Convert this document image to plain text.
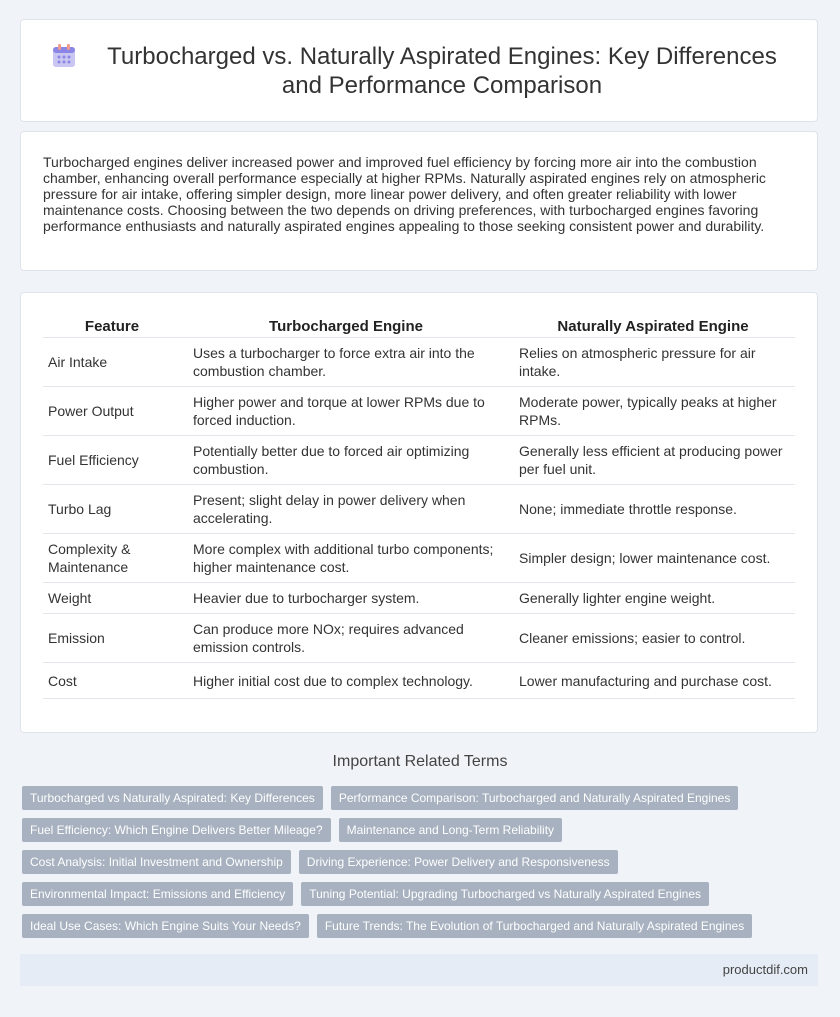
Turbocharged vs. Naturally Aspirated Engines: Key Differences and Performance Comparison

Turbocharged engines deliver increased power and improved fuel efficiency by forcing more air into the combustion chamber, enhancing overall performance especially at higher RPMs. Naturally aspirated engines rely on atmospheric pressure for air intake, offering simpler design, more linear power delivery, and often greater reliability with lower maintenance costs. Choosing between the two depends on driving preferences, with turbocharged engines favoring performance enthusiasts and naturally aspirated engines appealing to those seeking consistent power and durability.

Feature	Turbocharged Engine	Naturally Aspirated Engine
Air Intake	Uses a turbocharger to force extra air into the combustion chamber.	Relies on atmospheric pressure for air intake.
Power Output	Higher power and torque at lower RPMs due to forced induction.	Moderate power, typically peaks at higher RPMs.
Fuel Efficiency	Potentially better due to forced air optimizing combustion.	Generally less efficient at producing power per fuel unit.
Turbo Lag	Present; slight delay in power delivery when accelerating.	None; immediate throttle response.
Complexity & Maintenance	More complex with additional turbo components; higher maintenance cost.	Simpler design; lower maintenance cost.
Weight	Heavier due to turbocharger system.	Generally lighter engine weight.
Emission	Can produce more NOx; requires advanced emission controls.	Cleaner emissions; easier to control.
Cost	Higher initial cost due to complex technology.	Lower manufacturing and purchase cost.
Important Related Terms
Turbocharged vs Naturally Aspirated: Key Differences	Performance Comparison: Turbocharged and Naturally Aspirated Engines
Fuel Efficiency: Which Engine Delivers Better Mileage?	Maintenance and Long-Term Reliability
Cost Analysis: Initial Investment and Ownership	Driving Experience: Power Delivery and Responsiveness
Environmental Impact: Emissions and Efficiency	Tuning Potential: Upgrading Turbocharged vs Naturally Aspirated Engines
Ideal Use Cases: Which Engine Suits Your Needs?	Future Trends: The Evolution of Turbocharged and Naturally Aspirated Engines
productdif.com
